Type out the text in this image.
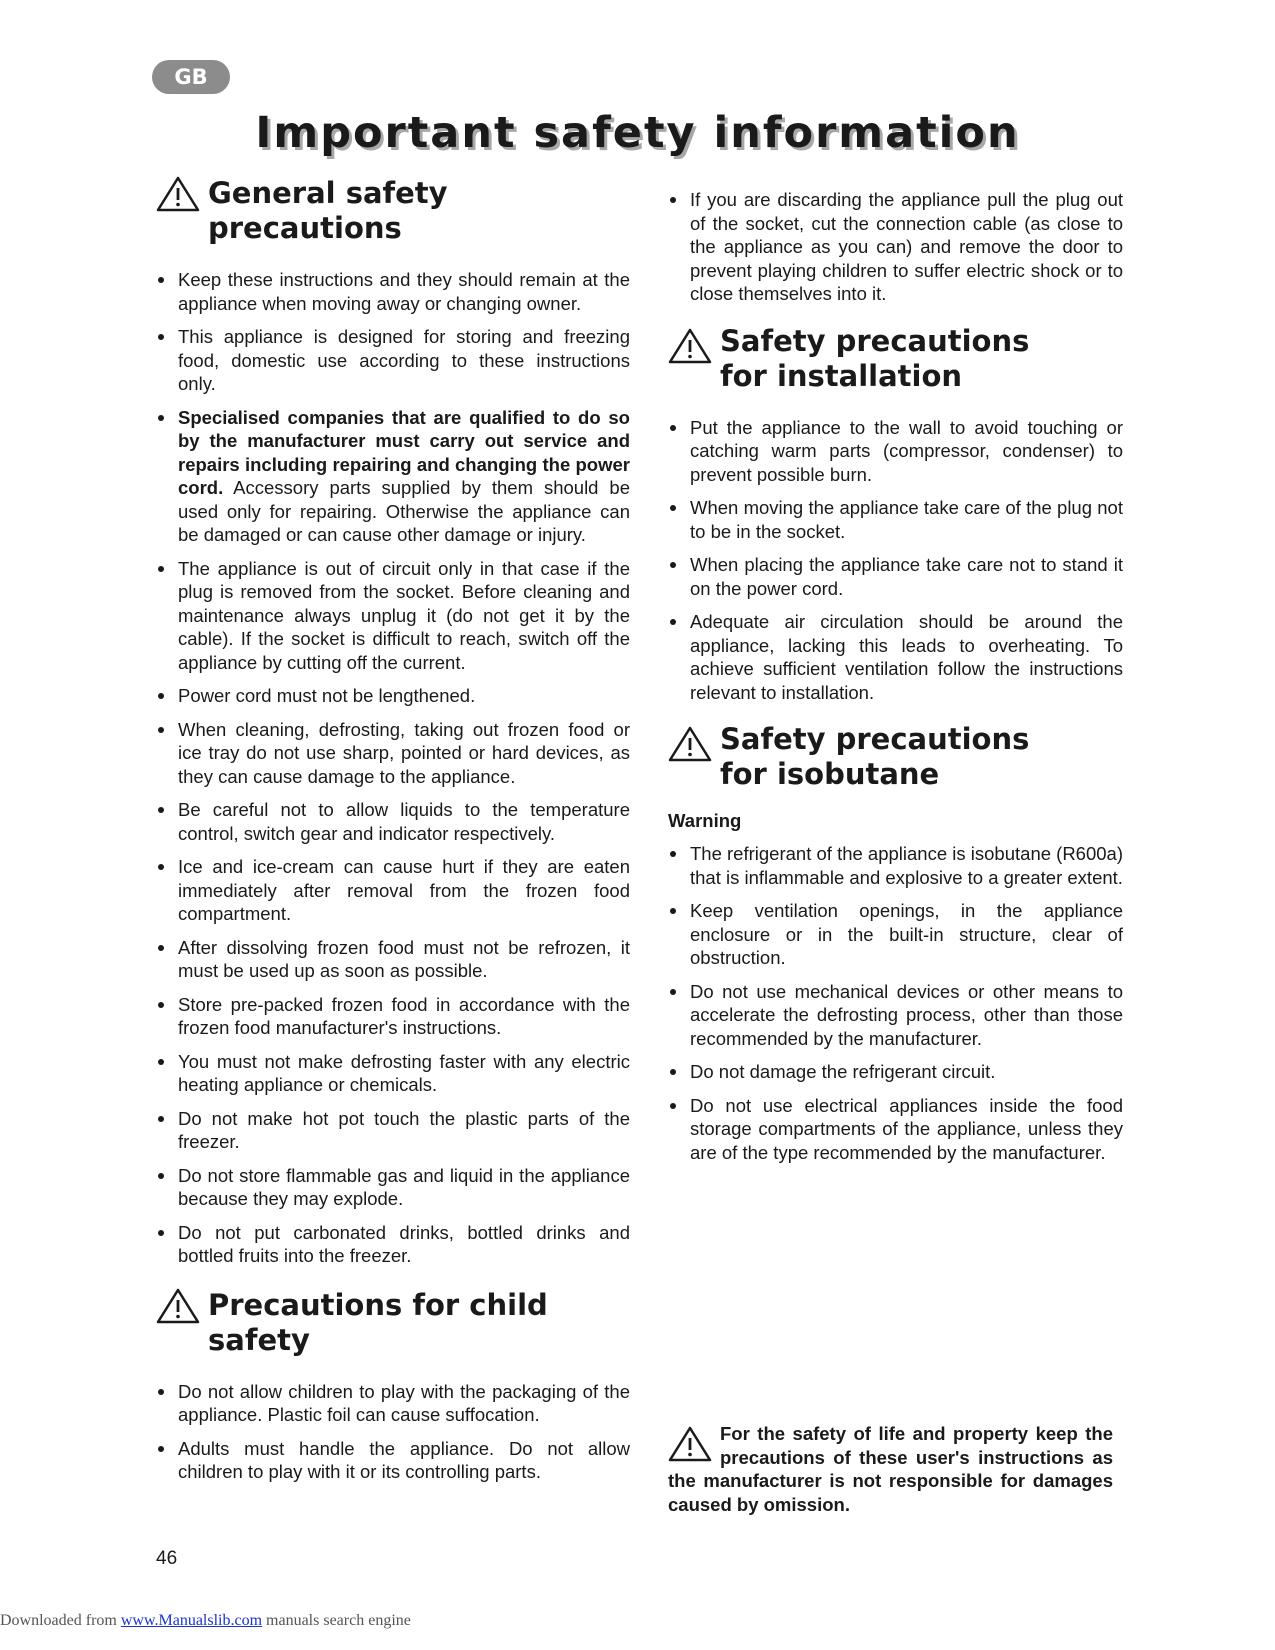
GB
Important safety information
General safety precautions
Keep these instructions and they should remain at the appliance when moving away or changing owner.
This appliance is designed for storing and freezing food, domestic use according to these instructions only.
Specialised companies that are qualified to do so by the manufacturer must carry out service and repairs including repairing and changing the power cord. Accessory parts supplied by them should be used only for repairing. Otherwise the appliance can be damaged or can cause other damage or injury.
The appliance is out of circuit only in that case if the plug is removed from the socket. Before cleaning and maintenance always unplug it (do not get it by the cable). If the socket is difficult to reach, switch off the appliance by cutting off the current.
Power cord must not be lengthened.
When cleaning, defrosting, taking out frozen food or ice tray do not use sharp, pointed or hard devices, as they can cause damage to the appliance.
Be careful not to allow liquids to the temperature control, switch gear and indicator respectively.
Ice and ice-cream can cause hurt if they are eaten immediately after removal from the frozen food compartment.
After dissolving frozen food must not be refrozen, it must be used up as soon as possible.
Store pre-packed frozen food in accordance with the frozen food manufacturer's instructions.
You must not make defrosting faster with any electric heating appliance or chemicals.
Do not make hot pot touch the plastic parts of the freezer.
Do not store flammable gas and liquid in the appliance because they may explode.
Do not put carbonated drinks, bottled drinks and bottled fruits into the freezer.
Precautions for child safety
Do not allow children to play with the packaging of the appliance. Plastic foil can cause suffocation.
Adults must handle the appliance. Do not allow children to play with it or its controlling parts.
If you are discarding the appliance pull the plug out of the socket, cut the connection cable (as close to the appliance as you can) and remove the door to prevent playing children to suffer electric shock or to close themselves into it.
Safety precautions for installation
Put the appliance to the wall to avoid touching or catching warm parts (compressor, condenser) to prevent possible burn.
When moving the appliance take care of the plug not to be in the socket.
When placing the appliance take care not to stand it on the power cord.
Adequate air circulation should be around the appliance, lacking this leads to overheating. To achieve sufficient ventilation follow the instructions relevant to installation.
Safety precautions for isobutane
Warning
The refrigerant of the appliance is isobutane (R600a) that is inflammable and explosive to a greater extent.
Keep ventilation openings, in the appliance enclosure or in the built-in structure, clear of obstruction.
Do not use mechanical devices or other means to accelerate the defrosting process, other than those recommended by the manufacturer.
Do not damage the refrigerant circuit.
Do not use electrical appliances inside the food storage compartments of the appliance, unless they are of the type recommended by the manufacturer.
For the safety of life and property keep the precautions of these user's instructions as the manufacturer is not responsible for damages caused by omission.
46
Downloaded from www.Manualslib.com manuals search engine
